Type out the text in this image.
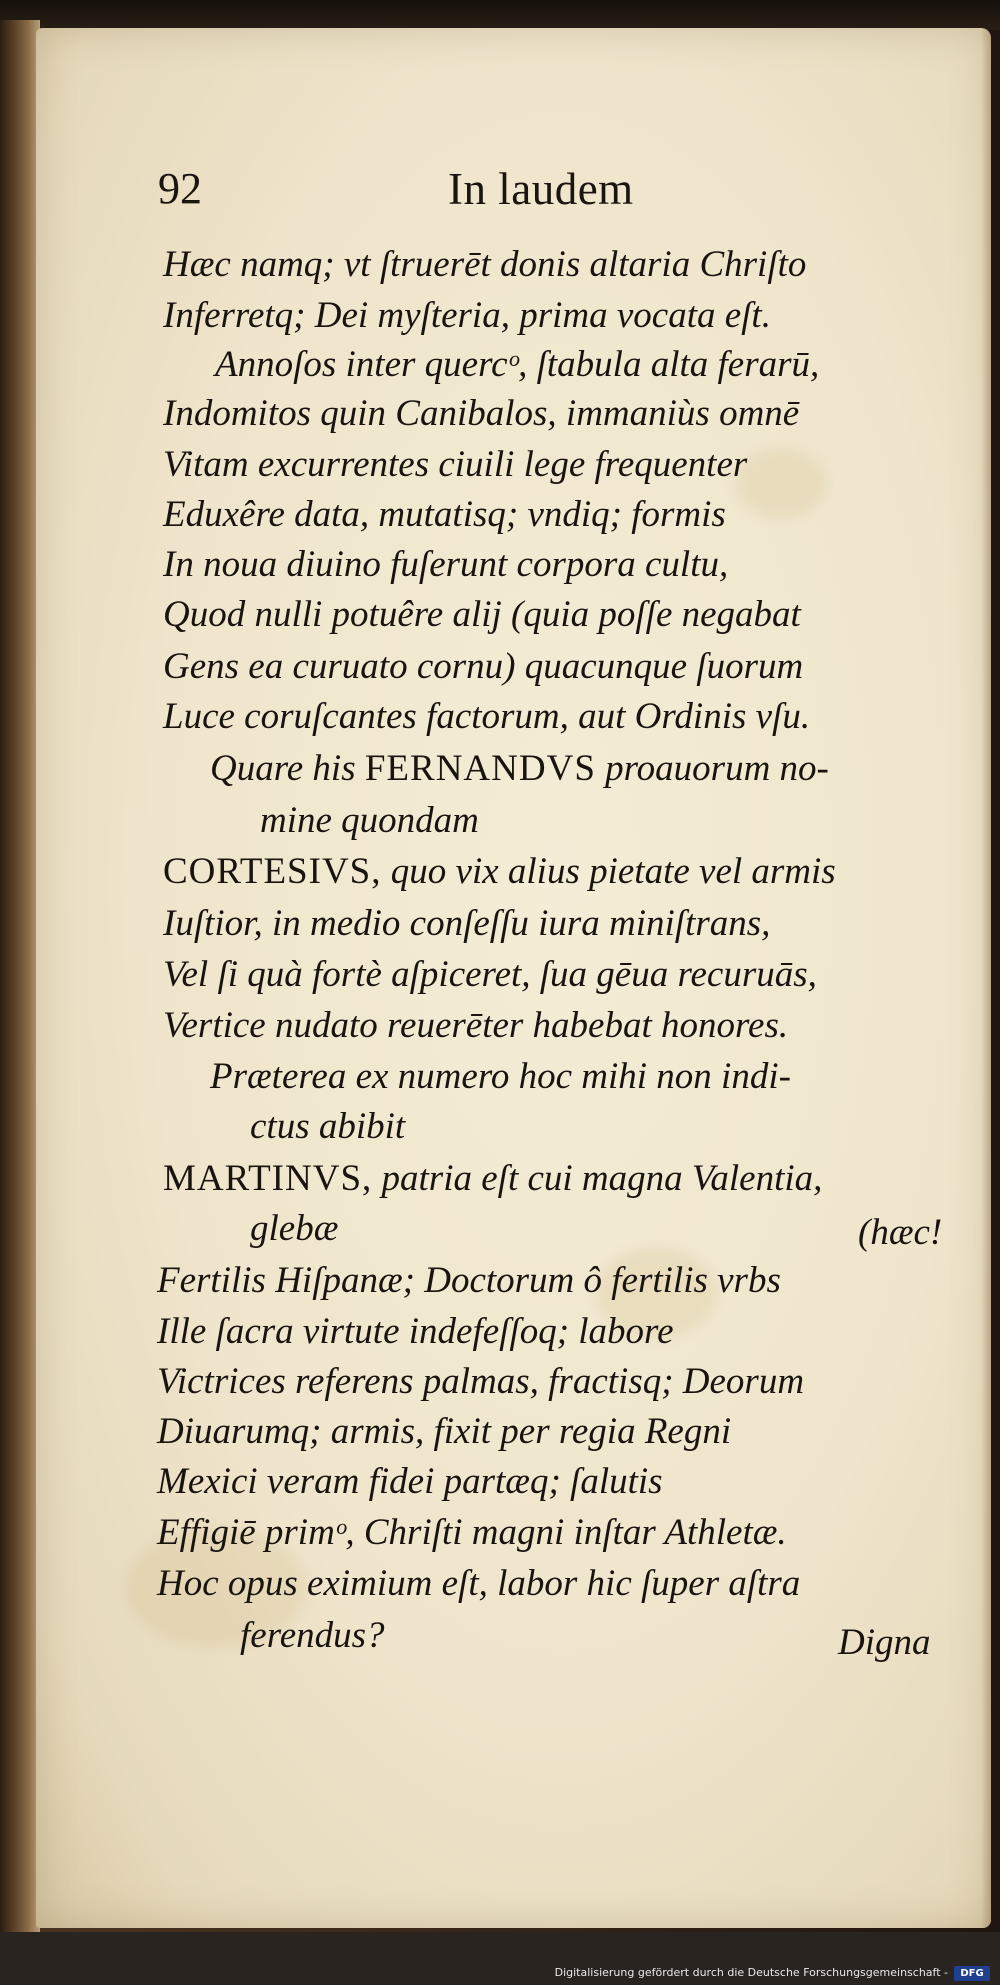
92	In laudem
Hæc namq; vt ſtruerēt donis altaria Chriſto
Inferretq; Dei myſteria, prima vocata eſt.
Annoſos inter quercᵒ, ſtabula alta ferarū,
Indomitos quin Canibalos, immaniùs omnē
Vitam excurrentes ciuili lege frequenter
Eduxêre data, mutatisq; vndiq; formis
In noua diuino fuſerunt corpora cultu,
Quod nulli potuêre alij (quia poſſe negabat
Gens ea curuato cornu) quacunque ſuorum
Luce coruſcantes factorum, aut Ordinis vſu.
Quare his FERNANDVS proauorum no-
mine quondam
CORTESIVS, quo vix alius pietate vel armis
Iuſtior, in medio conſeſſu iura miniſtrans,
Vel ſi quà fortè aſpiceret, ſua gēua recuruās,
Vertice nudato reuerēter habebat honores.
Præterea ex numero hoc mihi non indi-
ctus abibit
MARTINVS, patria eſt cui magna Valentia,
glebæ	(hæc!
Fertilis Hiſpanæ; Doctorum ô fertilis vrbs
Ille ſacra virtute indefeſſoq; labore
Victrices referens palmas, fractisq; Deorum
Diuarumq; armis, fixit per regia Regni
Mexici veram fidei partæq; ſalutis
Effigiē primᵒ, Chriſti magni inſtar Athletæ.
Hoc opus eximium eſt, labor hic ſuper aſtra
ferendus?	Digna
Digitalisierung gefördert durch die Deutsche Forschungsgemeinschaft -	DFG
